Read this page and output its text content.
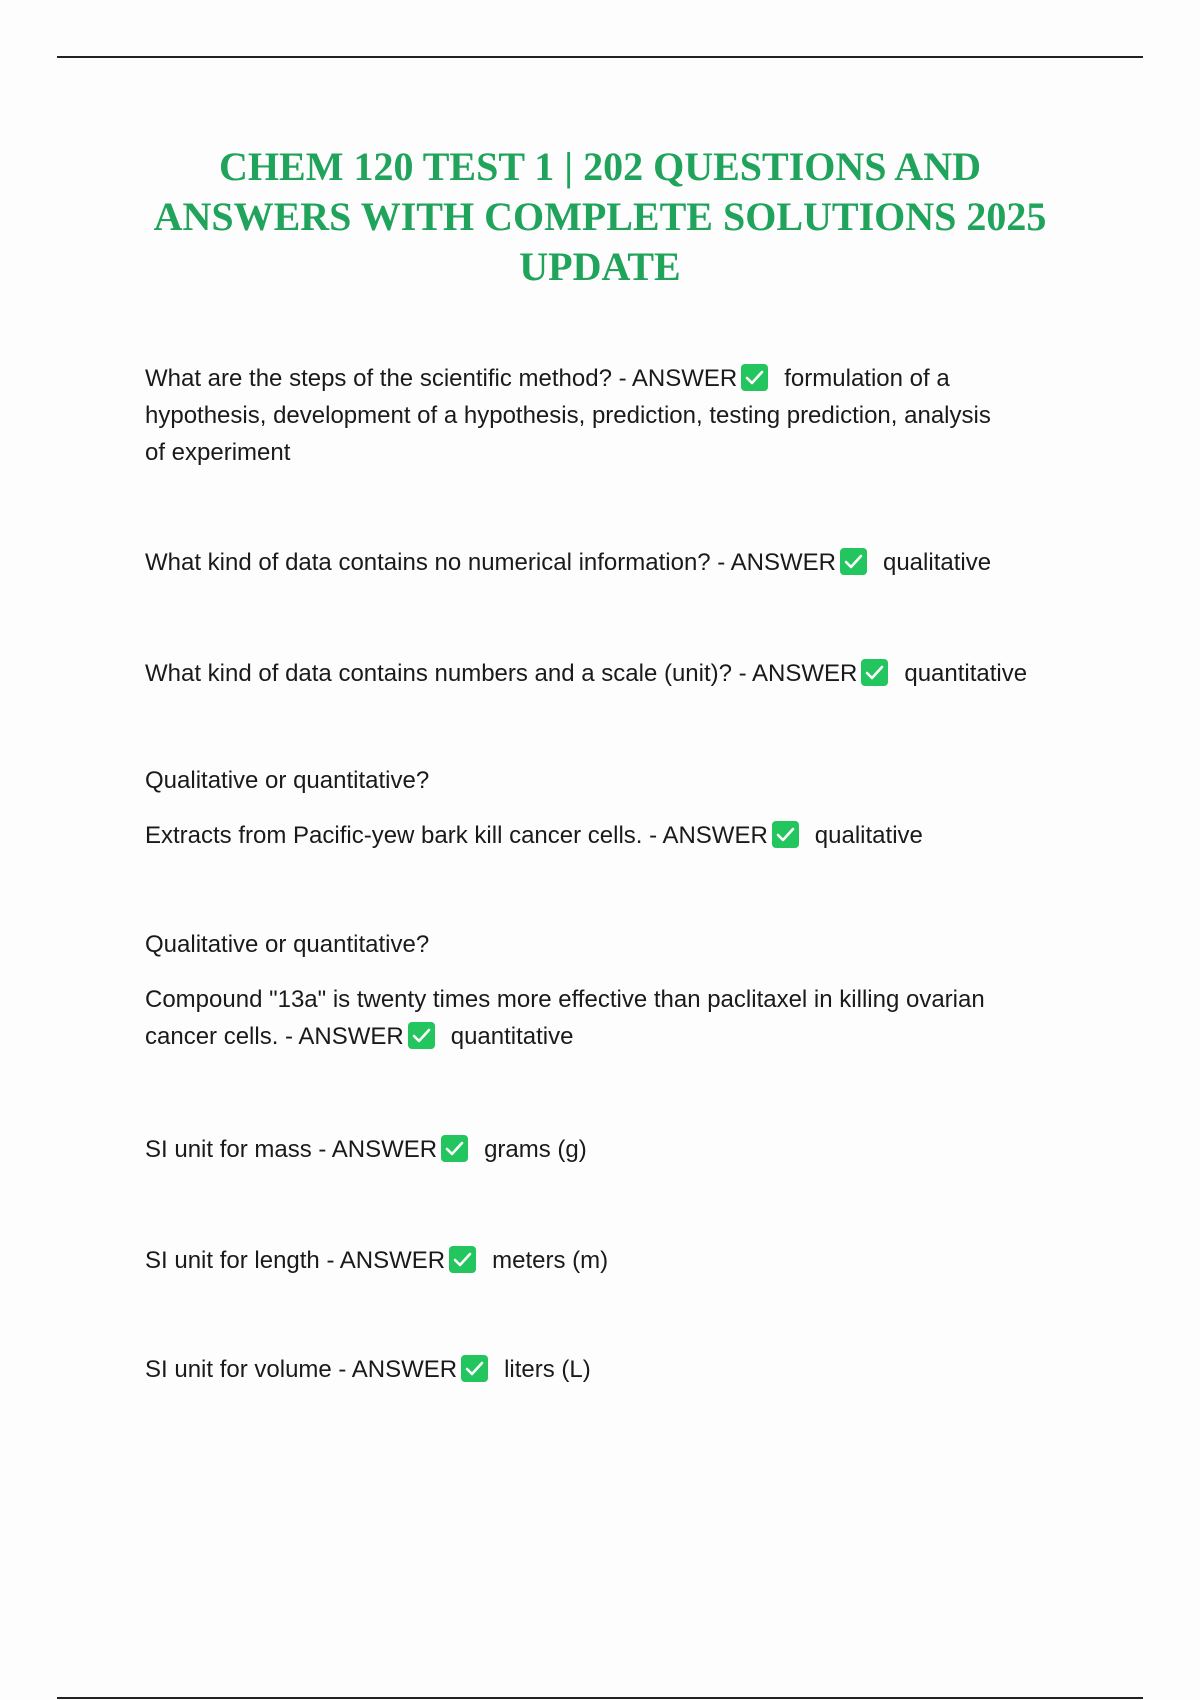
CHEM 120 TEST 1 | 202 QUESTIONS AND
ANSWERS WITH COMPLETE SOLUTIONS 2025
UPDATE
What are the steps of the scientific method? - ANSWER formulation of a
hypothesis, development of a hypothesis, prediction, testing prediction, analysis
of experiment
What kind of data contains no numerical information? - ANSWER qualitative
What kind of data contains numbers and a scale (unit)? - ANSWER quantitative
Qualitative or quantitative?
Extracts from Pacific-yew bark kill cancer cells. - ANSWER qualitative
Qualitative or quantitative?
Compound "13a" is twenty times more effective than paclitaxel in killing ovarian
cancer cells. - ANSWER quantitative
SI unit for mass - ANSWER grams (g)
SI unit for length - ANSWER meters (m)
SI unit for volume - ANSWER liters (L)
